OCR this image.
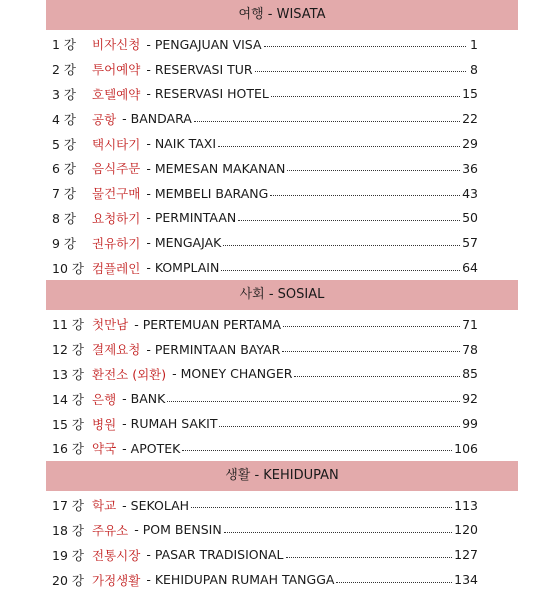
여행 - WISATA
1 강	비자신청 - PENGAJUAN VISA	1
2 강	투어예약 - RESERVASI TUR	8
3 강	호텔예약 - RESERVASI HOTEL	15
4 강	공항 - BANDARA	22
5 강	택시타기 - NAIK TAXI	29
6 강	음식주문 - MEMESAN MAKANAN	36
7 강	물건구매 - MEMBELI BARANG	43
8 강	요청하기 - PERMINTAAN	50
9 강	권유하기 - MENGAJAK	57
10 강 컴플레인 - KOMPLAIN	64
사회 - SOSIAL
11 강 첫만남 - PERTEMUAN PERTAMA	71
12 강 결제요청 - PERMINTAAN BAYAR	78
13 강 환전소 (외환) - MONEY CHANGER	85
14 강 은행 - BANK	92
15 강 병원 - RUMAH SAKIT	99
16 강 약국 - APOTEK	106
생활 - KEHIDUPAN
17 강 학교 - SEKOLAH	113
18 강 주유소 - POM BENSIN	120
19 강 전통시장 - PASAR TRADISIONAL	127
20 강 가정생활 - KEHIDUPAN RUMAH TANGGA	134
